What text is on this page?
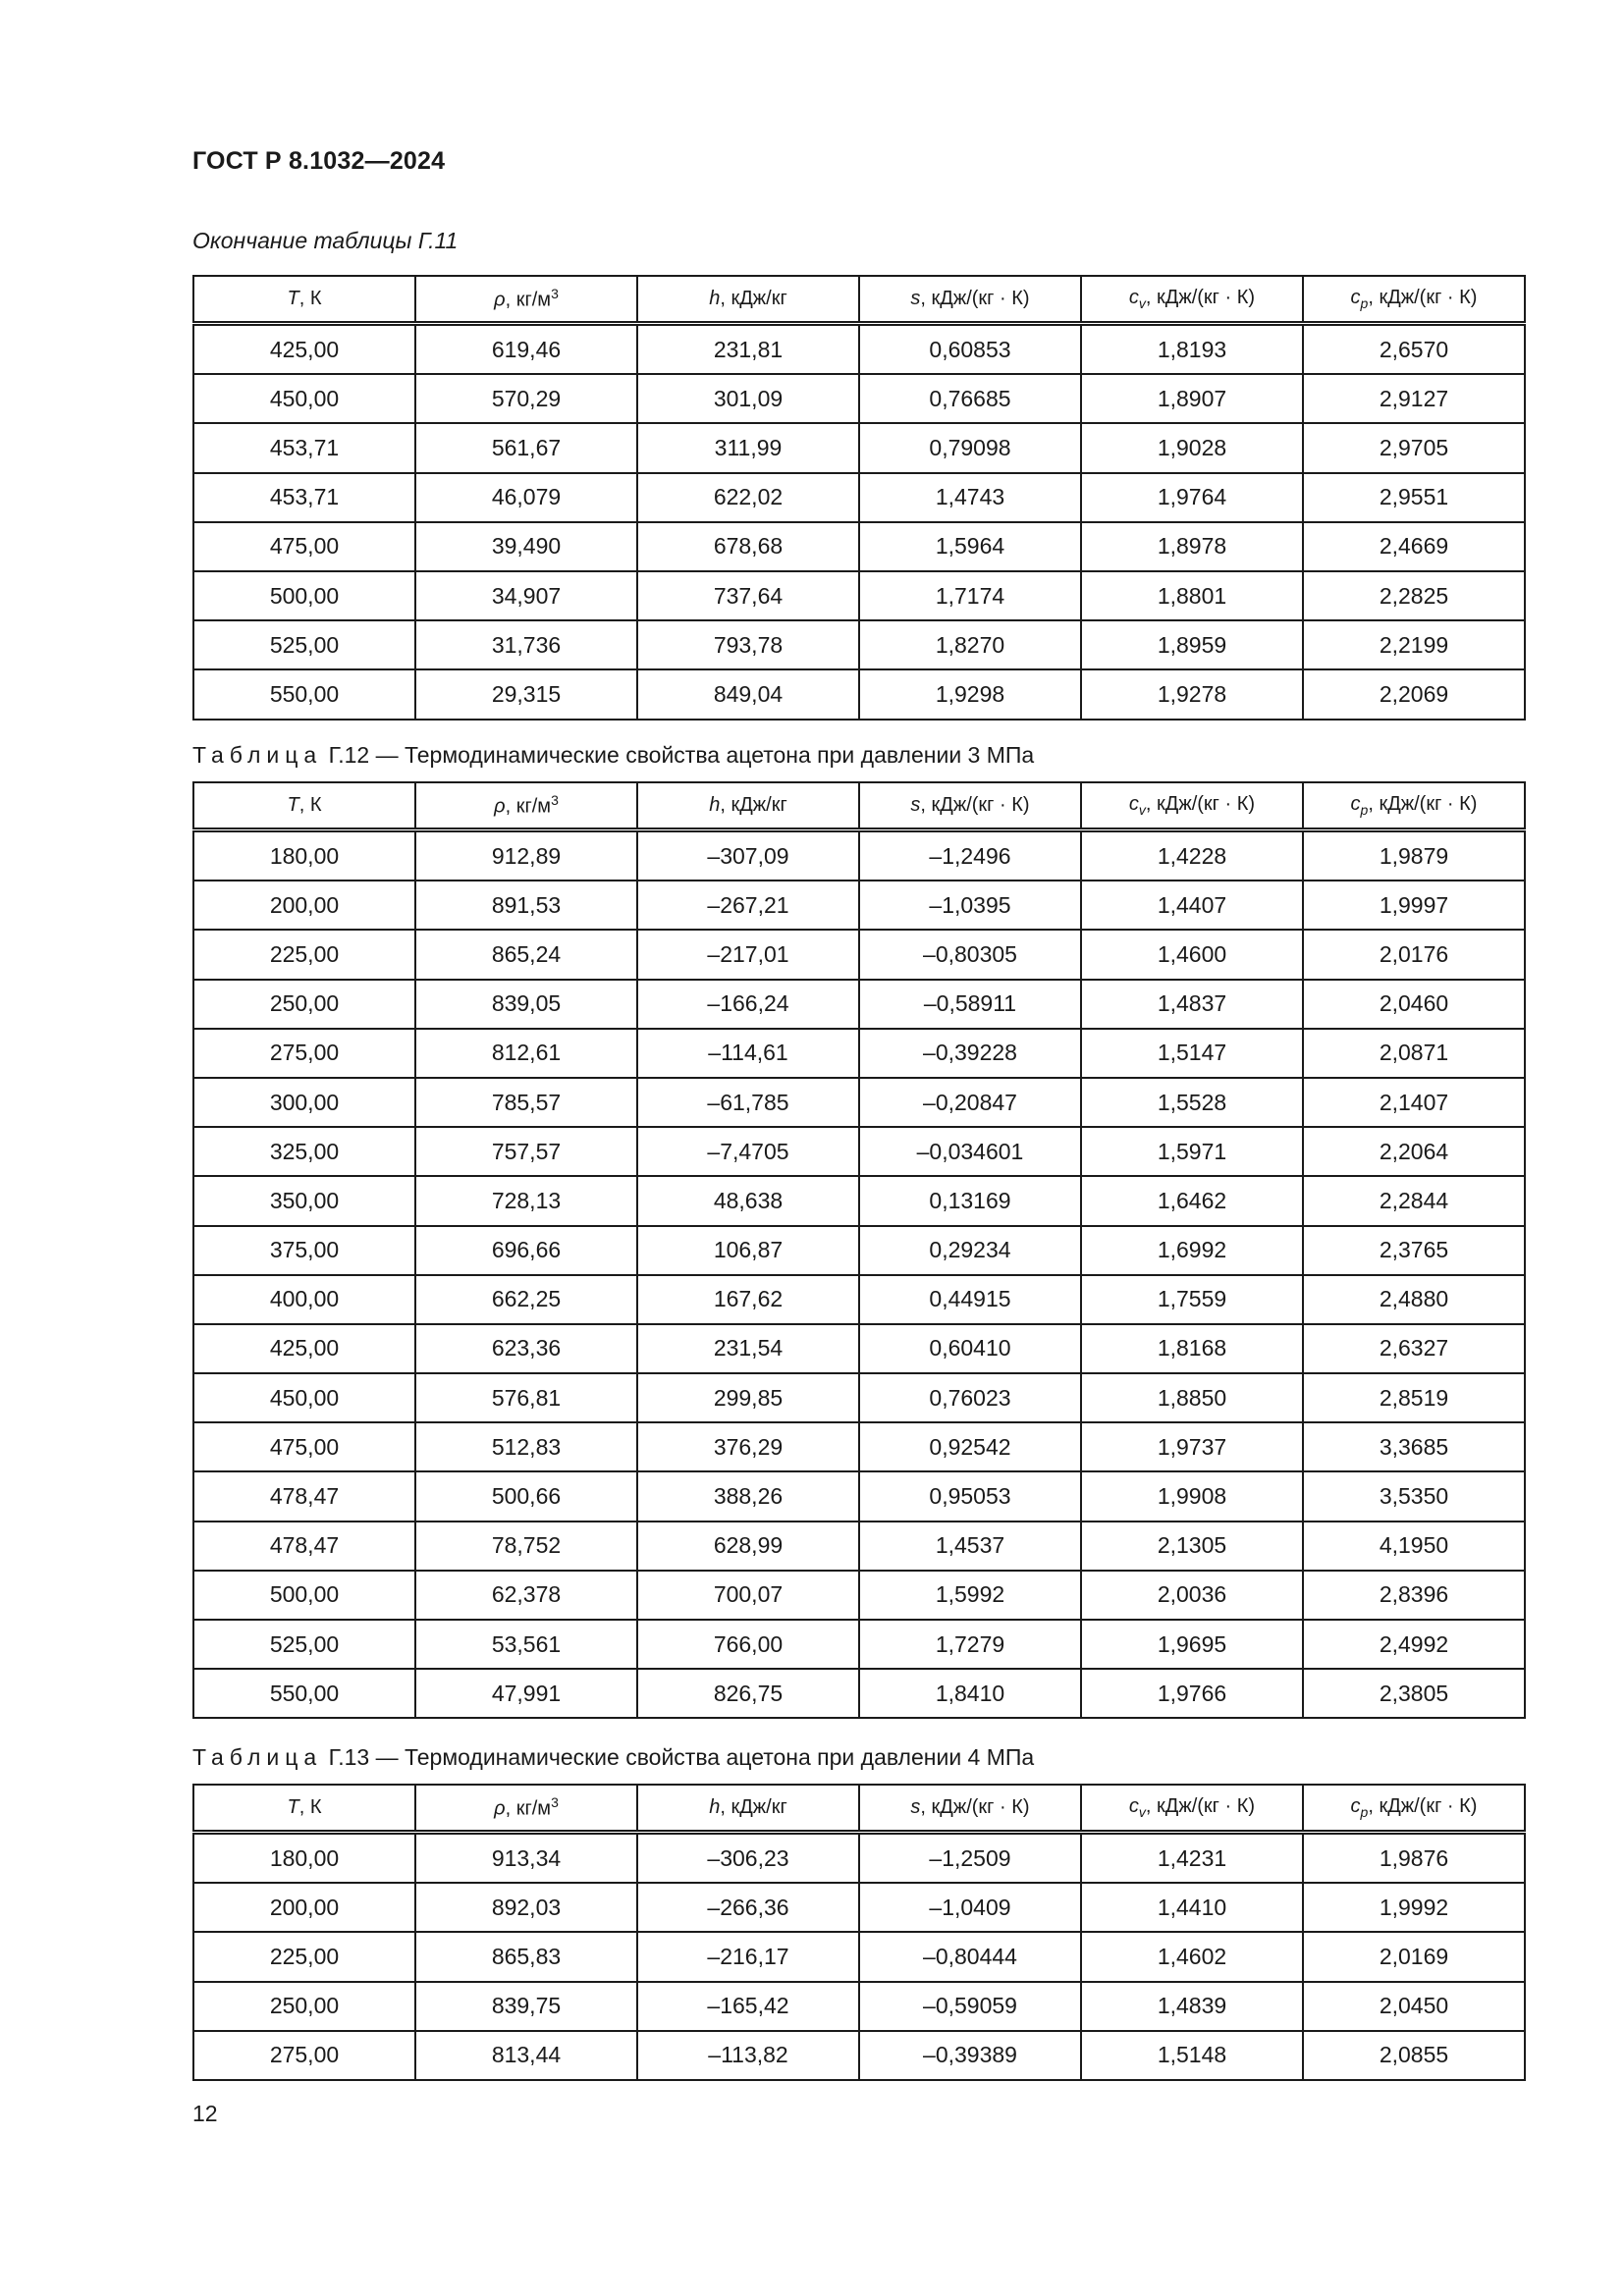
ГОСТ Р 8.1032—2024
Окончание таблицы Г.11
T, К	ρ, $кг/м^3$	h, кДж/кг	s, кДж/(кг · К)	$c_v$, кДж/(кг · К)	$c_p$, кДж/(кг · К)
425,00	619,46	231,81	0,60853	1,8193	2,6570
450,00	570,29	301,09	0,76685	1,8907	2,9127
453,71	561,67	311,99	0,79098	1,9028	2,9705
453,71	46,079	622,02	1,4743	1,9764	2,9551
475,00	39,490	678,68	1,5964	1,8978	2,4669
500,00	34,907	737,64	1,7174	1,8801	2,2825
525,00	31,736	793,78	1,8270	1,8959	2,2199
550,00	29,315	849,04	1,9298	1,9278	2,2069
Таблица Г.12 — Термодинамические свойства ацетона при давлении 3 МПа
T, К	ρ, $кг/м^3$	h, кДж/кг	s, кДж/(кг · К)	$c_v$, кДж/(кг · К)	$c_p$, кДж/(кг · К)
180,00	912,89	–307,09	–1,2496	1,4228	1,9879
200,00	891,53	–267,21	–1,0395	1,4407	1,9997
225,00	865,24	–217,01	–0,80305	1,4600	2,0176
250,00	839,05	–166,24	–0,58911	1,4837	2,0460
275,00	812,61	–114,61	–0,39228	1,5147	2,0871
300,00	785,57	–61,785	–0,20847	1,5528	2,1407
325,00	757,57	–7,4705	–0,034601	1,5971	2,2064
350,00	728,13	48,638	0,13169	1,6462	2,2844
375,00	696,66	106,87	0,29234	1,6992	2,3765
400,00	662,25	167,62	0,44915	1,7559	2,4880
425,00	623,36	231,54	0,60410	1,8168	2,6327
450,00	576,81	299,85	0,76023	1,8850	2,8519
475,00	512,83	376,29	0,92542	1,9737	3,3685
478,47	500,66	388,26	0,95053	1,9908	3,5350
478,47	78,752	628,99	1,4537	2,1305	4,1950
500,00	62,378	700,07	1,5992	2,0036	2,8396
525,00	53,561	766,00	1,7279	1,9695	2,4992
550,00	47,991	826,75	1,8410	1,9766	2,3805
Таблица Г.13 — Термодинамические свойства ацетона при давлении 4 МПа
T, К	ρ, $кг/м^3$	h, кДж/кг	s, кДж/(кг · К)	$c_v$, кДж/(кг · К)	$c_p$, кДж/(кг · К)
180,00	913,34	–306,23	–1,2509	1,4231	1,9876
200,00	892,03	–266,36	–1,0409	1,4410	1,9992
225,00	865,83	–216,17	–0,80444	1,4602	2,0169
250,00	839,75	–165,42	–0,59059	1,4839	2,0450
275,00	813,44	–113,82	–0,39389	1,5148	2,0855
12
